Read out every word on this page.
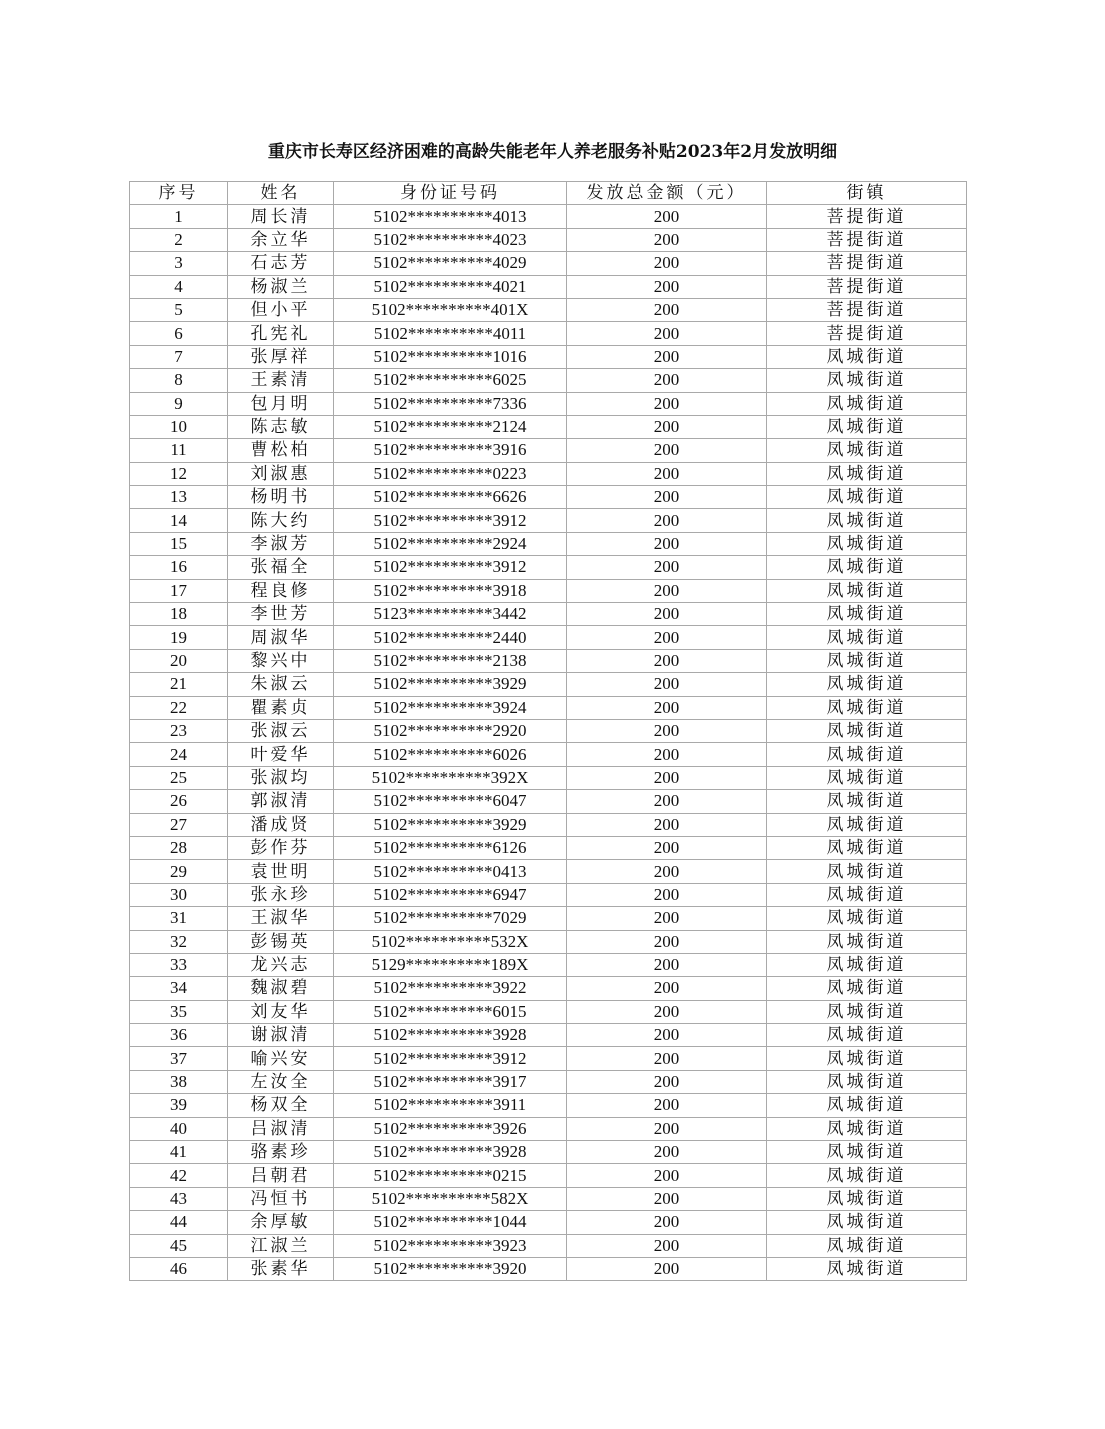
重庆市长寿区经济困难的高龄失能老年人养老服务补贴2023年2月发放明细
序号	姓名	身份证号码	发放总金额（元）	街镇
1	周长清	5102**********4013	200	菩提街道
2	余立华	5102**********4023	200	菩提街道
3	石志芳	5102**********4029	200	菩提街道
4	杨淑兰	5102**********4021	200	菩提街道
5	但小平	5102**********401X	200	菩提街道
6	孔宪礼	5102**********4011	200	菩提街道
7	张厚祥	5102**********1016	200	凤城街道
8	王素清	5102**********6025	200	凤城街道
9	包月明	5102**********7336	200	凤城街道
10	陈志敏	5102**********2124	200	凤城街道
11	曹松柏	5102**********3916	200	凤城街道
12	刘淑惠	5102**********0223	200	凤城街道
13	杨明书	5102**********6626	200	凤城街道
14	陈大约	5102**********3912	200	凤城街道
15	李淑芳	5102**********2924	200	凤城街道
16	张福全	5102**********3912	200	凤城街道
17	程良修	5102**********3918	200	凤城街道
18	李世芳	5123**********3442	200	凤城街道
19	周淑华	5102**********2440	200	凤城街道
20	黎兴中	5102**********2138	200	凤城街道
21	朱淑云	5102**********3929	200	凤城街道
22	瞿素贞	5102**********3924	200	凤城街道
23	张淑云	5102**********2920	200	凤城街道
24	叶爱华	5102**********6026	200	凤城街道
25	张淑均	5102**********392X	200	凤城街道
26	郭淑清	5102**********6047	200	凤城街道
27	潘成贤	5102**********3929	200	凤城街道
28	彭作芬	5102**********6126	200	凤城街道
29	袁世明	5102**********0413	200	凤城街道
30	张永珍	5102**********6947	200	凤城街道
31	王淑华	5102**********7029	200	凤城街道
32	彭锡英	5102**********532X	200	凤城街道
33	龙兴志	5129**********189X	200	凤城街道
34	魏淑碧	5102**********3922	200	凤城街道
35	刘友华	5102**********6015	200	凤城街道
36	谢淑清	5102**********3928	200	凤城街道
37	喻兴安	5102**********3912	200	凤城街道
38	左汝全	5102**********3917	200	凤城街道
39	杨双全	5102**********3911	200	凤城街道
40	吕淑清	5102**********3926	200	凤城街道
41	骆素珍	5102**********3928	200	凤城街道
42	吕朝君	5102**********0215	200	凤城街道
43	冯恒书	5102**********582X	200	凤城街道
44	余厚敏	5102**********1044	200	凤城街道
45	江淑兰	5102**********3923	200	凤城街道
46	张素华	5102**********3920	200	凤城街道
